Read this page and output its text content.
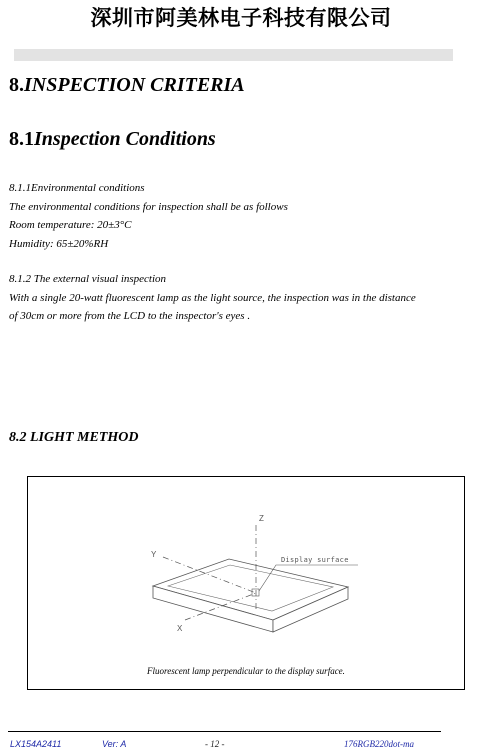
深圳市阿美林电子科技有限公司
8.INSPECTION CRITERIA
8.1Inspection Conditions
8.1.1Environmental conditions
The environmental conditions for inspection shall be as follows
Room temperature: 20±3°C
Humidity: 65±20%RH
8.1.2 The external visual inspection
With a single 20-watt fluorescent lamp as the light source, the inspection was in the distance
of 30cm or more from the LCD to the inspector's eyes .
8.2 LIGHT METHOD
Z
Y
X
Display surface
Fluorescent lamp perpendicular to the display surface.
LX154A2411	Ver: A	- 12 -	176RGB220dot-ma
